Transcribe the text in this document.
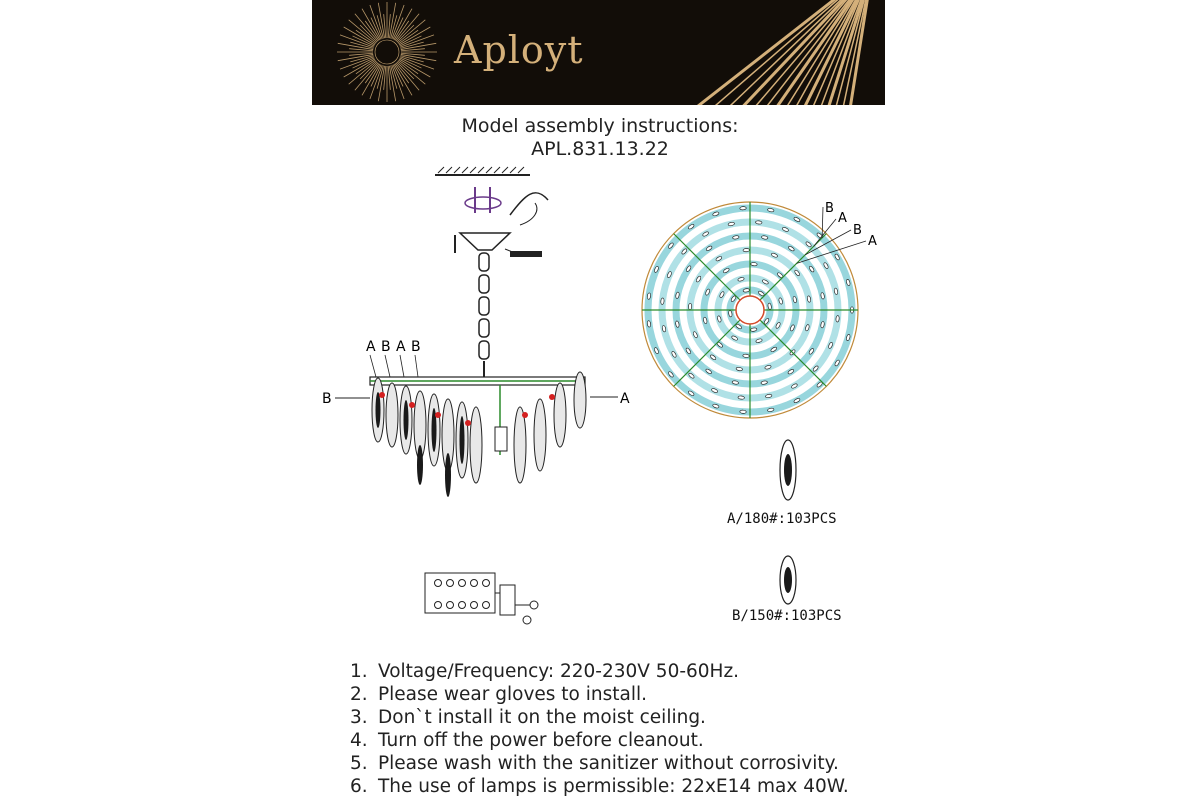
Aployt
Model assembly instructions:
APL.831.13.22
A B A B
B	A
B
A
B
A
A/180#:103PCS
B/150#:103PCS
1. Voltage/Frequency: 220-230V 50-60Hz.
2. Please wear gloves to install.
3. Don`t install it on the moist ceiling.
4. Turn off the power before cleanout.
5. Please wash with the sanitizer without corrosivity.
6. The use of lamps is permissible: 22xE14 max 40W.
